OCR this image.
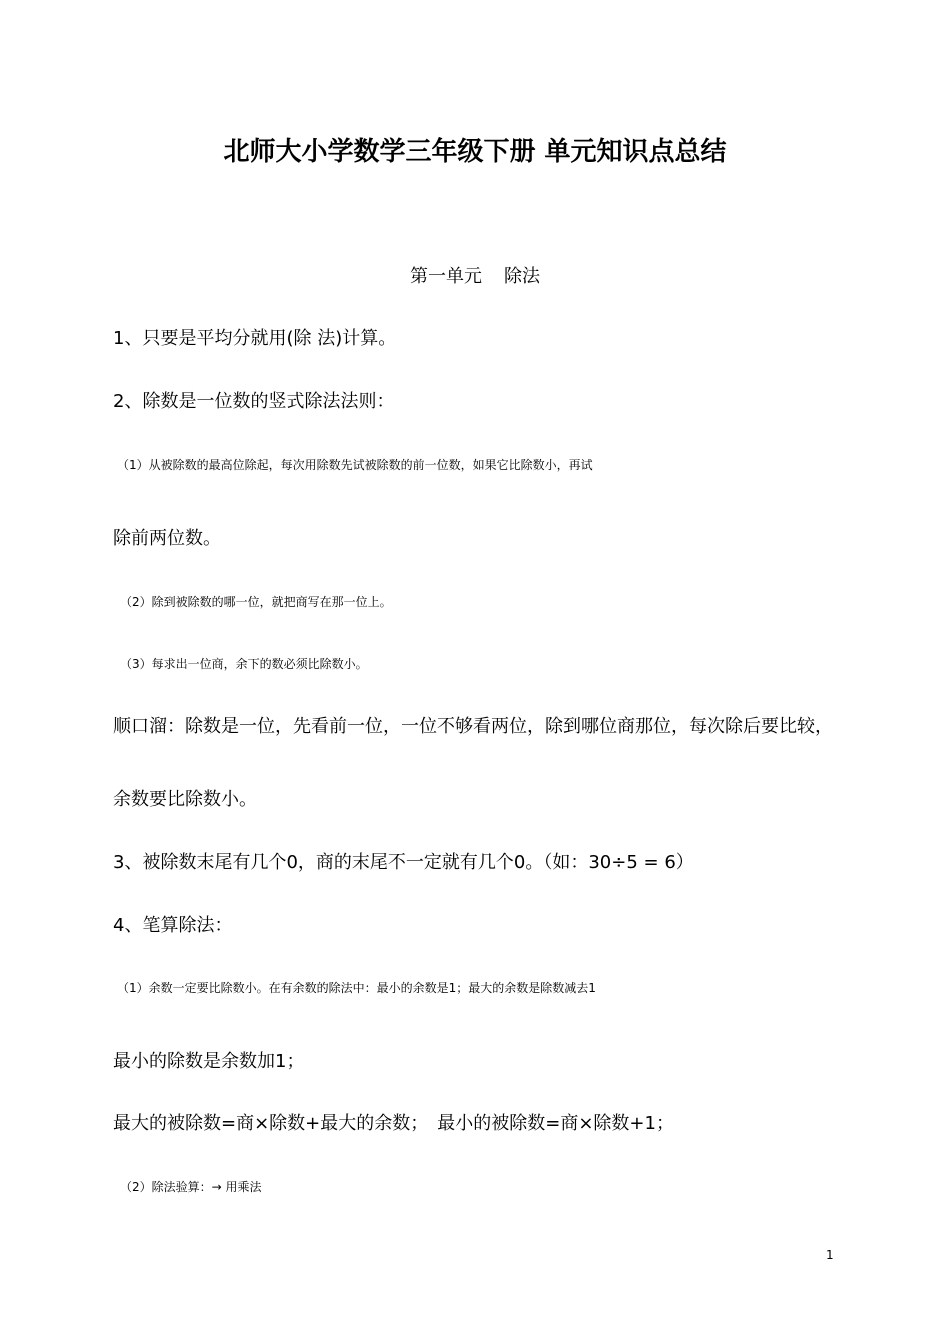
北师大小学数学三年级下册 单元知识点总结
第一单元 除法
1、只要是平均分就用(除 法)计算。
2、除数是一位数的竖式除法法则：
（1）从被除数的最高位除起，每次用除数先试被除数的前一位数，如果它比除数小，再试
除前两位数。
（2）除到被除数的哪一位，就把商写在那一位上。
（3）每求出一位商，余下的数必须比除数小。
顺口溜：除数是一位，先看前一位，一位不够看两位，除到哪位商那位，每次除后要比较，
余数要比除数小。
3、被除数末尾有几个0，商的末尾不一定就有几个0。（如：30÷5 = 6）
4、笔算除法：
（1）余数一定要比除数小。在有余数的除法中：最小的余数是1；最大的余数是除数减去1
最小的除数是余数加1；
最大的被除数=商×除数+最大的余数；　最小的被除数=商×除数+1；
（2）除法验算：→ 用乘法
1
